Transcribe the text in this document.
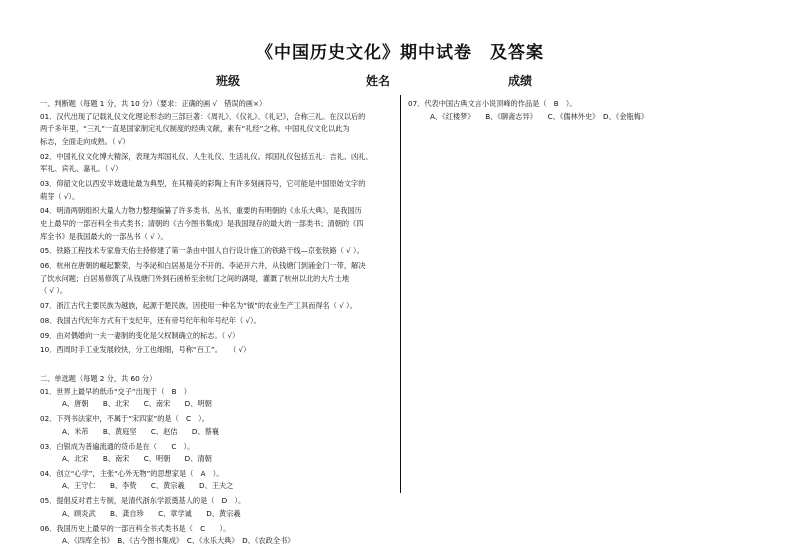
《中国历史文化》期中试卷　及答案
班级	姓名	成绩
一、判断题（每题 1 分，共 10 分）（要求：正确的画 √　错误的画×）
01．汉代出现了记载礼仪文化理论形态的三部巨著：《周礼》、《仪礼》、《礼记》，合称三礼。在汉以后的
两千多年里，“三礼”一直是国家制定礼仪制度的经典文献，素有“礼经”之称。中国礼仪文化以此为
标志，全面走向成熟。（ √）
02．中国礼仪文化博大精深，表现为邦国礼仪、人生礼仪、生活礼仪。邦国礼仪包括五礼：吉礼、凶礼、
军礼、宾礼、嘉礼。（ √）
03．仰韶文化以西安半坡遗址最为典型，在其精美的彩陶上有许多刻画符号，它可能是中国原始文字的
萌芽（ √）。
04．明清两朝组织大量人力物力整理编纂了许多类书、丛书，重要的有明朝的《永乐大典》，是我国历
史上最早的一部百科全书式类书；清朝的《古今图书集成》是我国现存的最大的一部类书；清朝的《四
库全书》是我国最大的一部丛书（ √ ）。
05．铁路工程技术专家詹天佑主持修建了第一条由中国人自行设计施工的铁路干线—京张铁路（ √ ）。
06．杭州在唐朝的崛起繁荣，与李泌和白居易是分不开的。李泌开六井，从钱塘门到涌金门一带，解决
了饮水问题；白居易修筑了从钱塘门外到石函桥至余杭门之间的湖堤，灌溉了杭州以北的大片土地
（ √ ）。
07．浙江古代主要民族为越族，起源于楚民族，因使用一种名为“钺”的农业生产工具而得名（ √ ）。
08．我国古代纪年方式有干支纪年，还有帝号纪年和年号纪年（ √）。
09．由对偶婚向一夫一妻制的变化是父权制确立的标志。（ √）
10．西周时手工业发展较快，分工也细细，号称“百工”。　　（ √）
二、单选题（每题 2 分，共 60 分）
01．世界上最早的纸币“交子”出现于（　B　）
A、唐朝　　B、北宋　　C、南宋　　D、明朝
02．下列书法家中，不属于“宋四家”的是（　C　）。
A、米芾　　B、黄庭坚　　C、赵佶　　D、蔡襄
03．白银成为普遍流通的货币是在（　　C　）。
A、北宋　　B、南宋　　C、明朝　　D、清朝
04．创立“心学”，主张“心外无物”的思想家是（　A　）。
A、王守仁　　B、李贽　　C、黄宗羲　　D、王夫之
05．提倡反对君主专制，是清代浙东学派奠基人的是（　D　）。
A、顾炎武　　B、龚自珍　　C、章学诚　　D、黄宗羲
06．我国历史上最早的一部百科全书式类书是（　C　　）。
A、《四库全书》　B、《古今图书集成》　C、《永乐大典》　D、《农政全书》
07．代表中国古典文言小说顶峰的作品是（　B　）。
A、《红楼梦》　　B、《聊斋志异》　　C、《儒林外史》　D、《金瓶梅》
